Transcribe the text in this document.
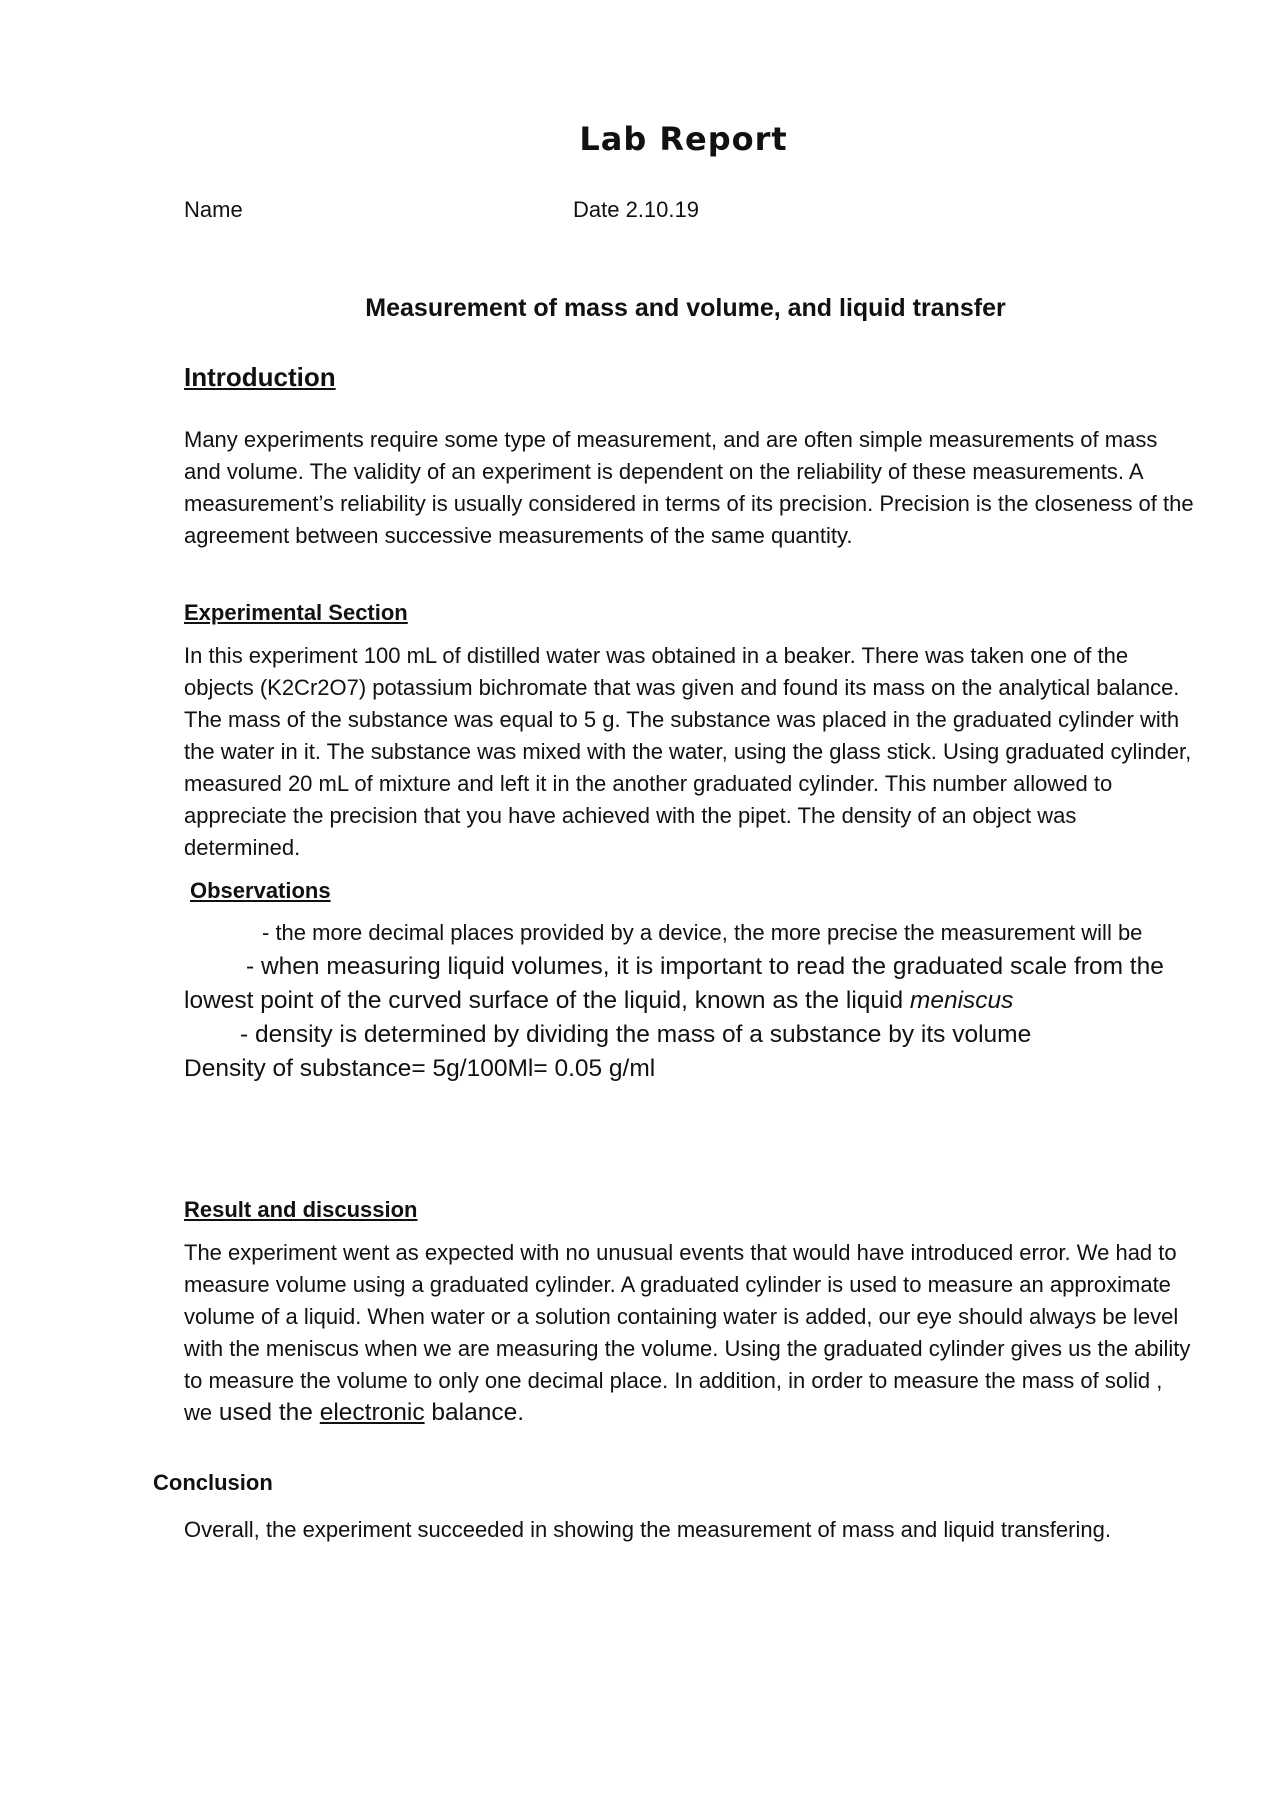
Lab Report
Name	Date 2.10.19
Measurement of mass and volume, and liquid transfer
Introduction

Many experiments require some type of measurement, and are often simple measurements of mass and volume. The validity of an experiment is dependent on the reliability of these measurements. A measurement’s reliability is usually considered in terms of its precision. Precision is the closeness of the agreement between successive measurements of the same quantity.

Experimental Section

In this experiment 100 mL of distilled water was obtained in a beaker. There was taken one of the objects (K2Cr2O7) potassium bichromate that was given and found its mass on the analytical balance. The mass of the substance was equal to 5 g. The substance was placed in the graduated cylinder with the water in it. The substance was mixed with the water, using the glass stick. Using graduated cylinder, measured 20 mL of mixture and left it in the another graduated cylinder. This number allowed to appreciate the precision that you have achieved with the pipet. The density of an object was determined.

Observations

- the more decimal places provided by a device, the more precise the measurement will be

- when measuring liquid volumes, it is important to read the graduated scale from the lowest point of the curved surface of the liquid, known as the liquid meniscus

- density is determined by dividing the mass of a substance by its volume

Density of substance= 5g/100Ml= 0.05 g/ml

Result and discussion

The experiment went as expected with no unusual events that would have introduced error. We had to measure volume using a graduated cylinder. A graduated cylinder is used to measure an approximate volume of a liquid. When water or a solution containing water is added, our eye should always be level with the meniscus when we are measuring the volume. Using the graduated cylinder gives us the ability to measure the volume to only one decimal place. In addition, in order to measure the mass of solid , we used the electronic balance.

Conclusion

Overall, the experiment succeeded in showing the measurement of mass and liquid transfering.
